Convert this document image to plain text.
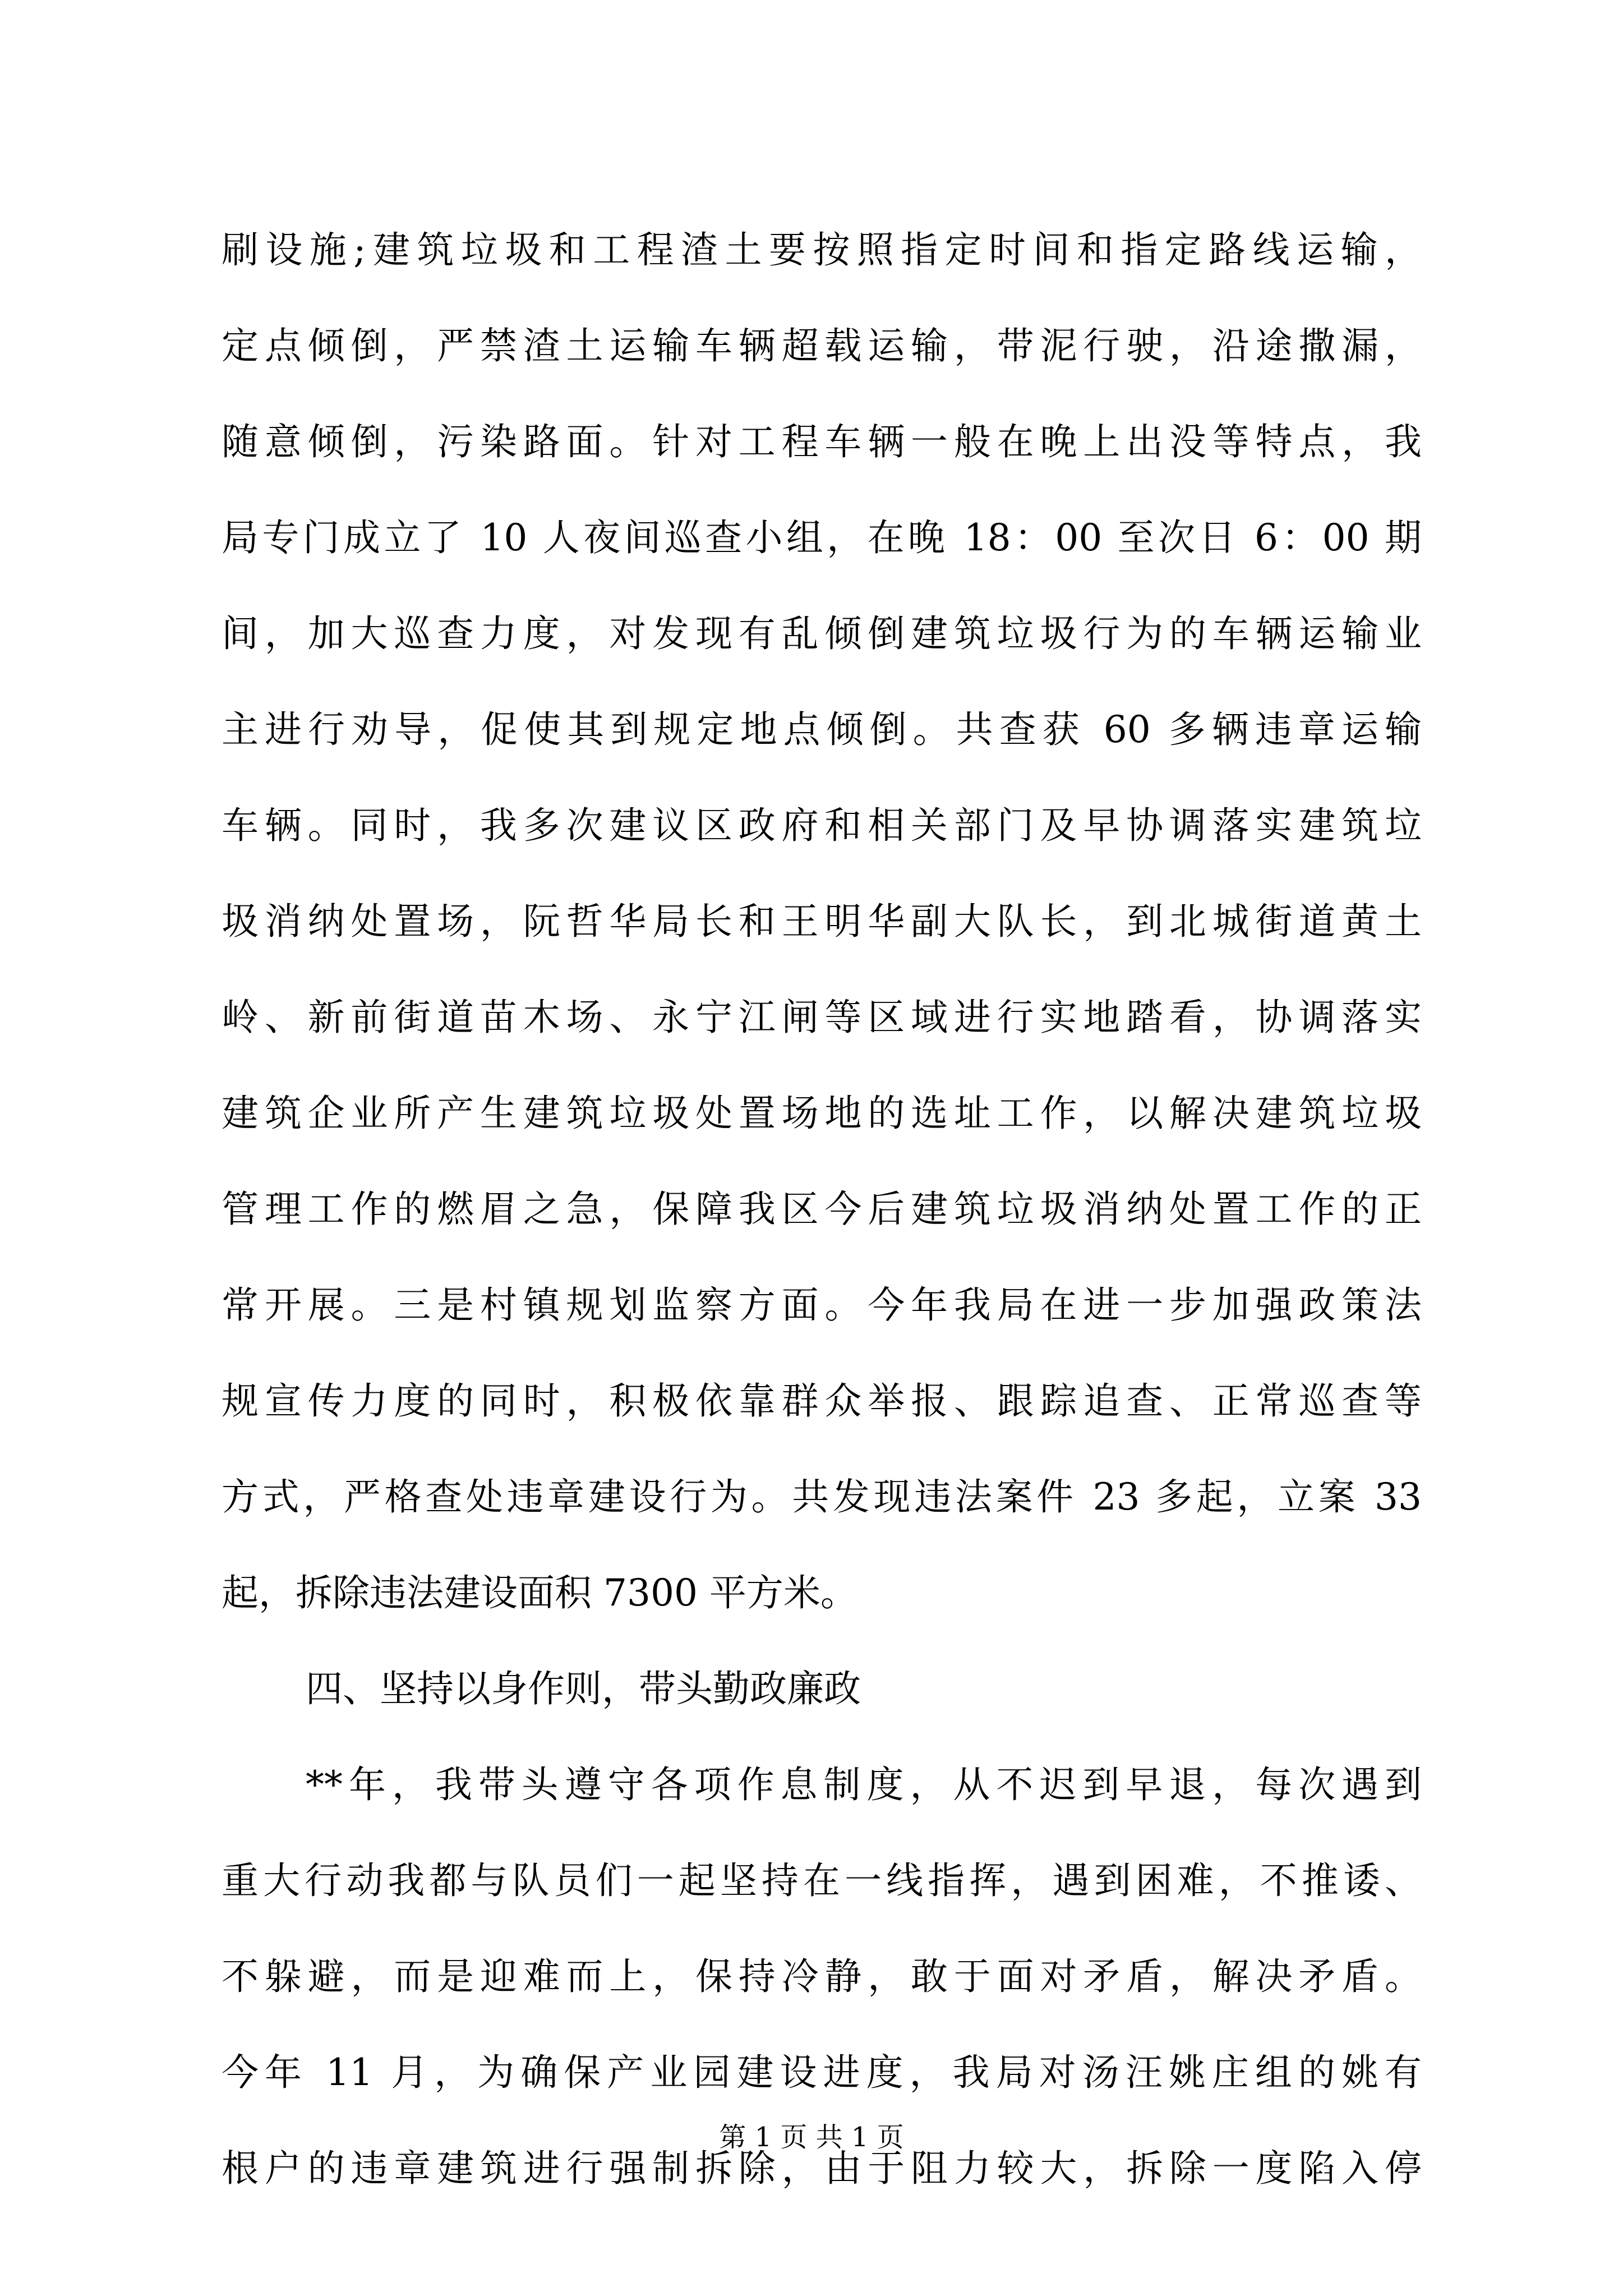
刷设施;建筑垃圾和工程渣土要按照指定时间和指定路线运输，
定点倾倒，严禁渣土运输车辆超载运输，带泥行驶，沿途撒漏，
随意倾倒，污染路面。针对工程车辆一般在晚上出没等特点，我
局专门成立了 10 人夜间巡查小组，在晚 18：00 至次日 6：00 期
间，加大巡查力度，对发现有乱倾倒建筑垃圾行为的车辆运输业
主进行劝导，促使其到规定地点倾倒。共查获 60 多辆违章运输
车辆。同时，我多次建议区政府和相关部门及早协调落实建筑垃
圾消纳处置场，阮哲华局长和王明华副大队长，到北城街道黄土
岭、新前街道苗木场、永宁江闸等区域进行实地踏看，协调落实
建筑企业所产生建筑垃圾处置场地的选址工作，以解决建筑垃圾
管理工作的燃眉之急，保障我区今后建筑垃圾消纳处置工作的正
常开展。三是村镇规划监察方面。今年我局在进一步加强政策法
规宣传力度的同时，积极依靠群众举报、跟踪追查、正常巡查等
方式，严格查处违章建设行为。共发现违法案件 23 多起，立案 33
起，拆除违法建设面积 7300 平方米。
四、坚持以身作则，带头勤政廉政
**年，我带头遵守各项作息制度，从不迟到早退，每次遇到
重大行动我都与队员们一起坚持在一线指挥，遇到困难，不推诿、
不躲避，而是迎难而上，保持冷静，敢于面对矛盾，解决矛盾。
今年 11 月，为确保产业园建设进度，我局对汤汪姚庄组的姚有
根户的违章建筑进行强制拆除，由于阻力较大，拆除一度陷入停
第 1 页 共 1 页
